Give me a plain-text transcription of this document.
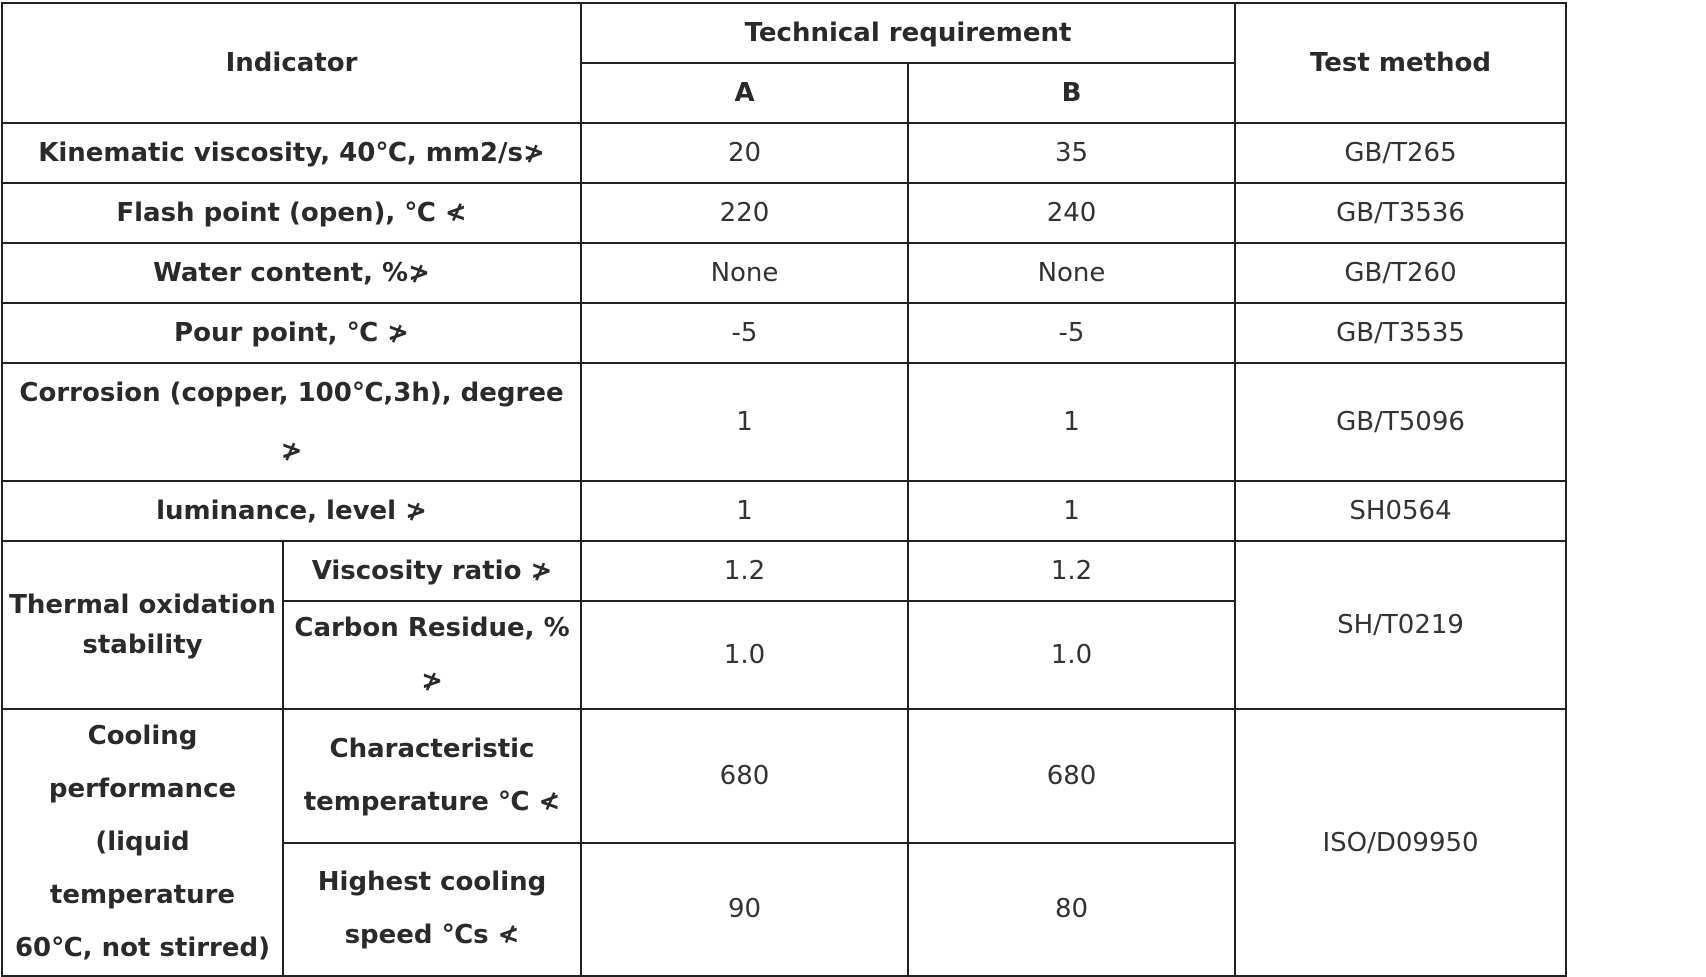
Indicator		Technical requirement		Test method
		A	B	
Kinematic viscosity, 40℃, mm2/s≯		20	35	GB/T265
Flash point (open), ℃ ≮		220	240	GB/T3536
Water content, %≯		None	None	GB/T260
Pour point, ℃ ≯		-5	-5	GB/T3535
Corrosion (copper, 100℃,3h), degree ≯		1	1	GB/T5096
luminance, level ≯		1	1	SH0564
Thermal oxidation stability	Viscosity ratio ≯	1.2	1.2	SH/T0219
	Carbon Residue, % ≯	1.0	1.0	
Cooling performance (liquid temperature 60℃, not stirred)	Characteristic temperature ℃ ≮	680	680	ISO/D09950
	Highest cooling speed ℃s ≮	90	80	
